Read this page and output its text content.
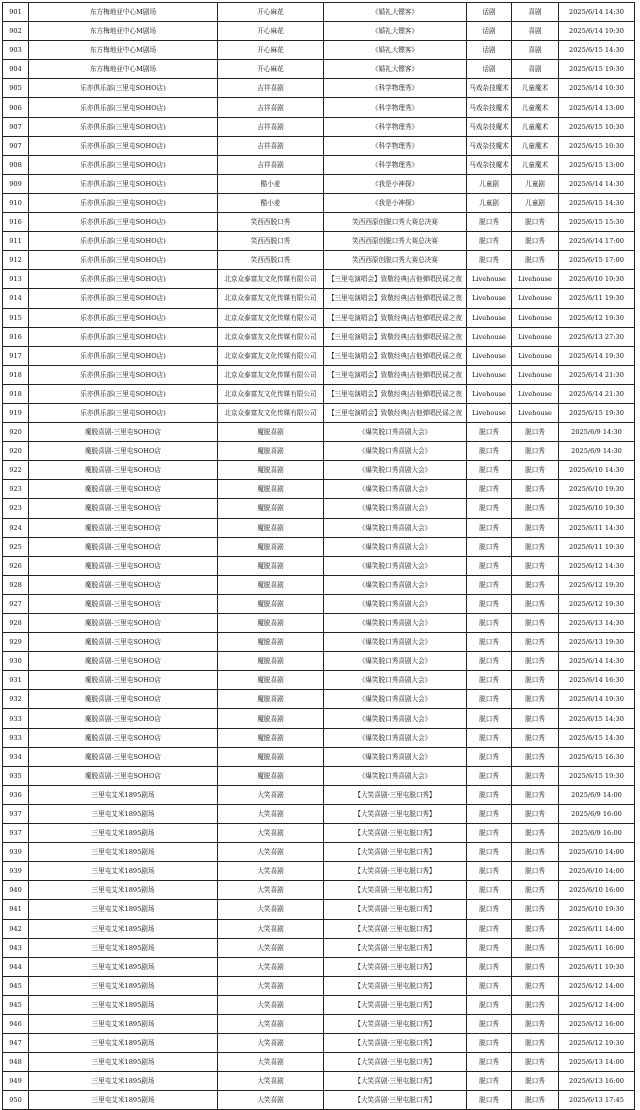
901	东方梅地亚中心M剧场	开心麻花	《婚礼大镖客》	话剧	喜剧	2025/6/14 14:30
902	东方梅地亚中心M剧场	开心麻花	《婚礼大镖客》	话剧	喜剧	2025/6/14 19:30
903	东方梅地亚中心M剧场	开心麻花	《婚礼大镖客》	话剧	喜剧	2025/6/15 14:30
904	东方梅地亚中心M剧场	开心麻花	《婚礼大镖客》	话剧	喜剧	2025/6/15 19:30
905	乐亦俱乐部(三里屯SOHO店)	吉祥喜剧	《科学物理秀》	马戏杂技魔术	儿童魔术	2025/6/14 10:30
906	乐亦俱乐部(三里屯SOHO店)	吉祥喜剧	《科学物理秀》	马戏杂技魔术	儿童魔术	2025/6/14 13:00
907	乐亦俱乐部(三里屯SOHO店)	吉祥喜剧	《科学物理秀》	马戏杂技魔术	儿童魔术	2025/6/15 10:30
907	乐亦俱乐部(三里屯SOHO店)	吉祥喜剧	《科学物理秀》	马戏杂技魔术	儿童魔术	2025/6/15 10:30
908	乐亦俱乐部(三里屯SOHO店)	吉祥喜剧	《科学物理秀》	马戏杂技魔术	儿童魔术	2025/6/15 13:00
909	乐亦俱乐部(三里屯SOHO店)	酷小麦	《我是小神探》	儿童剧	儿童剧	2025/6/14 14:30
910	乐亦俱乐部(三里屯SOHO店)	酷小麦	《我是小神探》	儿童剧	儿童剧	2025/6/15 14:30
916	乐亦俱乐部(三里屯SOHO店)	笑西西脱口秀	笑西西原创脱口秀大赛总决赛	脱口秀	脱口秀	2025/6/15 15:30
911	乐亦俱乐部(三里屯SOHO店)	笑西西脱口秀	笑西西原创脱口秀大赛总决赛	脱口秀	脱口秀	2025/6/14 17:00
912	乐亦俱乐部(三里屯SOHO店)	笑西西脱口秀	笑西西原创脱口秀大赛总决赛	脱口秀	脱口秀	2025/6/15 17:00
913	乐亦俱乐部(三里屯SOHO店)	北京众泰富友文化传媒有限公司	【三里屯演唱会】致敬经典|吉他弹唱民谣之夜	Livehouse	Livehouse	2025/6/10 19:30
914	乐亦俱乐部(三里屯SOHO店)	北京众泰富友文化传媒有限公司	【三里屯演唱会】致敬经典|吉他弹唱民谣之夜	Livehouse	Livehouse	2025/6/11 19:30
915	乐亦俱乐部(三里屯SOHO店)	北京众泰富友文化传媒有限公司	【三里屯演唱会】致敬经典|吉他弹唱民谣之夜	Livehouse	Livehouse	2025/6/12 19:30
916	乐亦俱乐部(三里屯SOHO店)	北京众泰富友文化传媒有限公司	【三里屯演唱会】致敬经典|吉他弹唱民谣之夜	Livehouse	Livehouse	2025/6/13 27:30
917	乐亦俱乐部(三里屯SOHO店)	北京众泰富友文化传媒有限公司	【三里屯演唱会】致敬经典|吉他弹唱民谣之夜	Livehouse	Livehouse	2025/6/14 19:30
918	乐亦俱乐部(三里屯SOHO店)	北京众泰富友文化传媒有限公司	【三里屯演唱会】致敬经典|吉他弹唱民谣之夜	Livehouse	Livehouse	2025/6/14 21:30
918	乐亦俱乐部(三里屯SOHO店)	北京众泰富友文化传媒有限公司	【三里屯演唱会】致敬经典|吉他弹唱民谣之夜	Livehouse	Livehouse	2025/6/14 21:30
919	乐亦俱乐部(三里屯SOHO店)	北京众泰富友文化传媒有限公司	【三里屯演唱会】致敬经典|吉他弹唱民谣之夜	Livehouse	Livehouse	2025/6/15 19:30
920	魔脱喜剧-三里屯SOHO店	魔脱喜剧	《爆笑脱口秀喜剧大会》	脱口秀	脱口秀	2025/6/9 14:30
920	魔脱喜剧-三里屯SOHO店	魔脱喜剧	《爆笑脱口秀喜剧大会》	脱口秀	脱口秀	2025/6/9 14:30
922	魔脱喜剧-三里屯SOHO店	魔脱喜剧	《爆笑脱口秀喜剧大会》	脱口秀	脱口秀	2025/6/10 14:30
923	魔脱喜剧-三里屯SOHO店	魔脱喜剧	《爆笑脱口秀喜剧大会》	脱口秀	脱口秀	2025/6/10 19:30
923	魔脱喜剧-三里屯SOHO店	魔脱喜剧	《爆笑脱口秀喜剧大会》	脱口秀	脱口秀	2025/6/10 19:30
924	魔脱喜剧-三里屯SOHO店	魔脱喜剧	《爆笑脱口秀喜剧大会》	脱口秀	脱口秀	2025/6/11 14:30
925	魔脱喜剧-三里屯SOHO店	魔脱喜剧	《爆笑脱口秀喜剧大会》	脱口秀	脱口秀	2025/6/11 19:30
926	魔脱喜剧-三里屯SOHO店	魔脱喜剧	《爆笑脱口秀喜剧大会》	脱口秀	脱口秀	2025/6/12 14:30
928	魔脱喜剧-三里屯SOHO店	魔脱喜剧	《爆笑脱口秀喜剧大会》	脱口秀	脱口秀	2025/6/12 19:30
927	魔脱喜剧-三里屯SOHO店	魔脱喜剧	《爆笑脱口秀喜剧大会》	脱口秀	脱口秀	2025/6/12 19:30
928	魔脱喜剧-三里屯SOHO店	魔脱喜剧	《爆笑脱口秀喜剧大会》	脱口秀	脱口秀	2025/6/13 14:30
929	魔脱喜剧-三里屯SOHO店	魔脱喜剧	《爆笑脱口秀喜剧大会》	脱口秀	脱口秀	2025/6/13 19:30
930	魔脱喜剧-三里屯SOHO店	魔脱喜剧	《爆笑脱口秀喜剧大会》	脱口秀	脱口秀	2025/6/14 14:30
931	魔脱喜剧-三里屯SOHO店	魔脱喜剧	《爆笑脱口秀喜剧大会》	脱口秀	脱口秀	2025/6/14 16:30
932	魔脱喜剧-三里屯SOHO店	魔脱喜剧	《爆笑脱口秀喜剧大会》	脱口秀	脱口秀	2025/6/14 19:30
933	魔脱喜剧-三里屯SOHO店	魔脱喜剧	《爆笑脱口秀喜剧大会》	脱口秀	脱口秀	2025/6/15 14:30
933	魔脱喜剧-三里屯SOHO店	魔脱喜剧	《爆笑脱口秀喜剧大会》	脱口秀	脱口秀	2025/6/15 14:30
934	魔脱喜剧-三里屯SOHO店	魔脱喜剧	《爆笑脱口秀喜剧大会》	脱口秀	脱口秀	2025/6/15 16:30
935	魔脱喜剧-三里屯SOHO店	魔脱喜剧	《爆笑脱口秀喜剧大会》	脱口秀	脱口秀	2025/6/15 19:30
936	三里屯艾米1895剧场	大笑喜剧	【大笑喜剧·三里屯脱口秀】	脱口秀	脱口秀	2025/6/9 14:00
937	三里屯艾米1895剧场	大笑喜剧	【大笑喜剧·三里屯脱口秀】	脱口秀	脱口秀	2025/6/9 16:00
937	三里屯艾米1895剧场	大笑喜剧	【大笑喜剧·三里屯脱口秀】	脱口秀	脱口秀	2025/6/9 16:00
939	三里屯艾米1895剧场	大笑喜剧	【大笑喜剧·三里屯脱口秀】	脱口秀	脱口秀	2025/6/10 14:00
939	三里屯艾米1895剧场	大笑喜剧	【大笑喜剧·三里屯脱口秀】	脱口秀	脱口秀	2025/6/10 14:00
940	三里屯艾米1895剧场	大笑喜剧	【大笑喜剧·三里屯脱口秀】	脱口秀	脱口秀	2025/6/10 16:00
941	三里屯艾米1895剧场	大笑喜剧	【大笑喜剧·三里屯脱口秀】	脱口秀	脱口秀	2025/6/10 19:30
942	三里屯艾米1895剧场	大笑喜剧	【大笑喜剧·三里屯脱口秀】	脱口秀	脱口秀	2025/6/11 14:00
943	三里屯艾米1895剧场	大笑喜剧	【大笑喜剧·三里屯脱口秀】	脱口秀	脱口秀	2025/6/11 16:00
944	三里屯艾米1895剧场	大笑喜剧	【大笑喜剧·三里屯脱口秀】	脱口秀	脱口秀	2025/6/11 19:30
945	三里屯艾米1895剧场	大笑喜剧	【大笑喜剧·三里屯脱口秀】	脱口秀	脱口秀	2025/6/12 14:00
945	三里屯艾米1895剧场	大笑喜剧	【大笑喜剧·三里屯脱口秀】	脱口秀	脱口秀	2025/6/12 14:00
946	三里屯艾米1895剧场	大笑喜剧	【大笑喜剧·三里屯脱口秀】	脱口秀	脱口秀	2025/6/12 16:00
947	三里屯艾米1895剧场	大笑喜剧	【大笑喜剧·三里屯脱口秀】	脱口秀	脱口秀	2025/6/12 19:30
948	三里屯艾米1895剧场	大笑喜剧	【大笑喜剧·三里屯脱口秀】	脱口秀	脱口秀	2025/6/13 14:00
949	三里屯艾米1895剧场	大笑喜剧	【大笑喜剧·三里屯脱口秀】	脱口秀	脱口秀	2025/6/13 16:00
950	三里屯艾米1895剧场	大笑喜剧	【大笑喜剧·三里屯脱口秀】	脱口秀	脱口秀	2025/6/13 17:45
